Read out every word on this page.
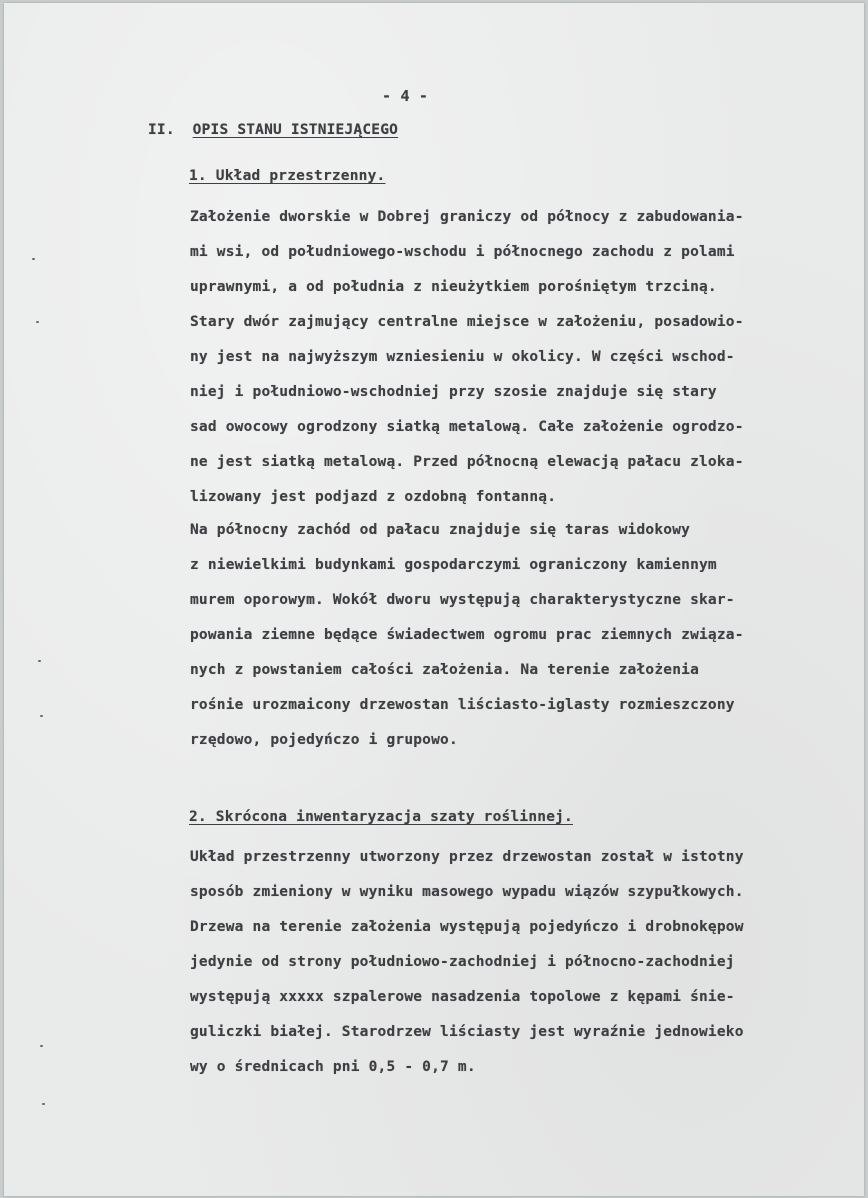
- 4 -
II. OPIS STANU ISTNIEJĄCEGO
1. Układ przestrzenny.
Założenie dworskie w Dobrej graniczy od północy z zabudowania-
mi wsi, od południowego-wschodu i północnego zachodu z polami
uprawnymi, a od południa z nieużytkiem porośniętym trzciną.
Stary dwór zajmujący centralne miejsce w założeniu, posadowio-
ny jest na najwyższym wzniesieniu w okolicy. W części wschod-
niej i południowo-wschodniej przy szosie znajduje się stary
sad owocowy ogrodzony siatką metalową. Całe założenie ogrodzo-
ne jest siatką metalową. Przed północną elewacją pałacu zloka-
lizowany jest podjazd z ozdobną fontanną.
Na północny zachód od pałacu znajduje się taras widokowy
z niewielkimi budynkami gospodarczymi ograniczony kamiennym
murem oporowym. Wokół dworu występują charakterystyczne skar-
powania ziemne będące świadectwem ogromu prac ziemnych związa-
nych z powstaniem całości założenia. Na terenie założenia
rośnie urozmaicony drzewostan liściasto-iglasty rozmieszczony
rzędowo, pojedyńczo i grupowo.
2. Skrócona inwentaryzacja szaty roślinnej.
Układ przestrzenny utworzony przez drzewostan został w istotny
sposób zmieniony w wyniku masowego wypadu wiązów szypułkowych.
Drzewa na terenie założenia występują pojedyńczo i drobnokępow
jedynie od strony południowo-zachodniej i północno-zachodniej
występują xxxxx szpalerowe nasadzenia topolowe z kępami śnie-
guliczki białej. Starodrzew liściasty jest wyraźnie jednowieko
wy o średnicach pni 0,5 - 0,7 m.
